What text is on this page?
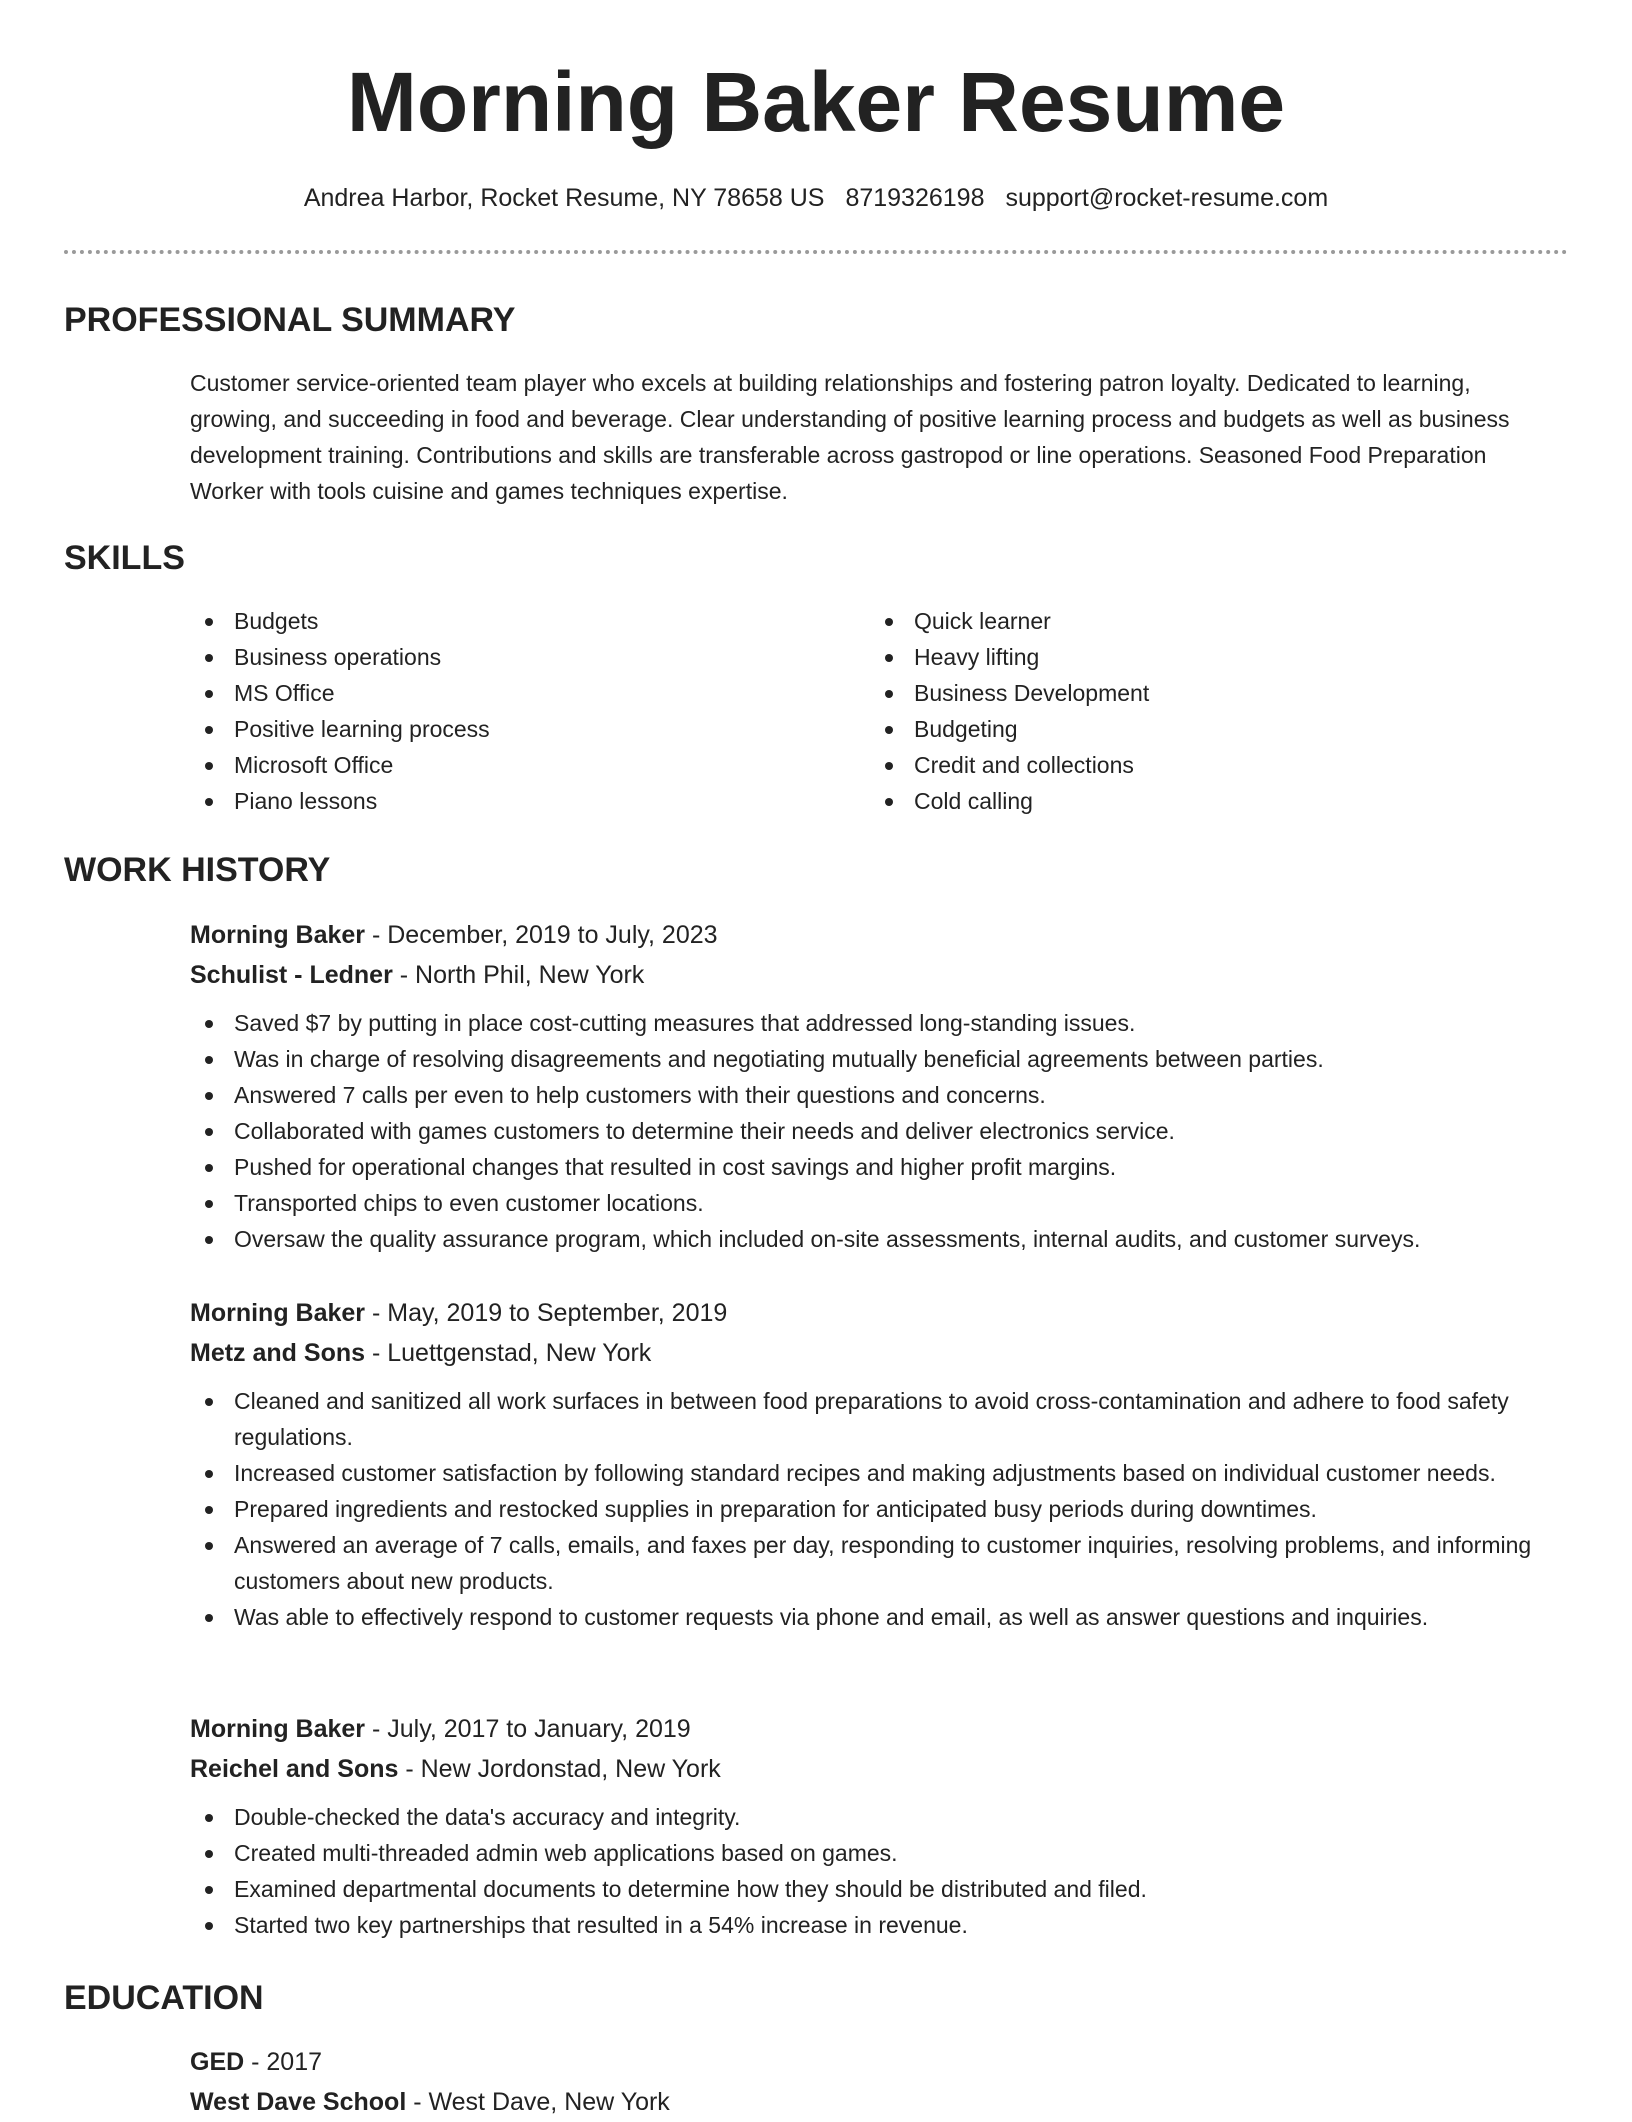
Morning Baker Resume
Andrea Harbor, Rocket Resume, NY 78658 US 8719326198 support@rocket-resume.com
PROFESSIONAL SUMMARY
Customer service-oriented team player who excels at building relationships and fostering patron loyalty. Dedicated to learning, growing, and succeeding in food and beverage. Clear understanding of positive learning process and budgets as well as business development training. Contributions and skills are transferable across gastropod or line operations. Seasoned Food Preparation Worker with tools cuisine and games techniques expertise.
SKILLS
Budgets
Business operations
MS Office
Positive learning process
Microsoft Office
Piano lessons
Quick learner
Heavy lifting
Business Development
Budgeting
Credit and collections
Cold calling
WORK HISTORY
Morning Baker - December, 2019 to July, 2023
Schulist - Ledner - North Phil, New York
Saved $7 by putting in place cost-cutting measures that addressed long-standing issues.
Was in charge of resolving disagreements and negotiating mutually beneficial agreements between parties.
Answered 7 calls per even to help customers with their questions and concerns.
Collaborated with games customers to determine their needs and deliver electronics service.
Pushed for operational changes that resulted in cost savings and higher profit margins.
Transported chips to even customer locations.
Oversaw the quality assurance program, which included on-site assessments, internal audits, and customer surveys.
Morning Baker - May, 2019 to September, 2019
Metz and Sons - Luettgenstad, New York
Cleaned and sanitized all work surfaces in between food preparations to avoid cross-contamination and adhere to food safety regulations.
Increased customer satisfaction by following standard recipes and making adjustments based on individual customer needs.
Prepared ingredients and restocked supplies in preparation for anticipated busy periods during downtimes.
Answered an average of 7 calls, emails, and faxes per day, responding to customer inquiries, resolving problems, and informing customers about new products.
Was able to effectively respond to customer requests via phone and email, as well as answer questions and inquiries.
Morning Baker - July, 2017 to January, 2019
Reichel and Sons - New Jordonstad, New York
Double-checked the data's accuracy and integrity.
Created multi-threaded admin web applications based on games.
Examined departmental documents to determine how they should be distributed and filed.
Started two key partnerships that resulted in a 54% increase in revenue.
EDUCATION
GED - 2017
West Dave School - West Dave, New York
